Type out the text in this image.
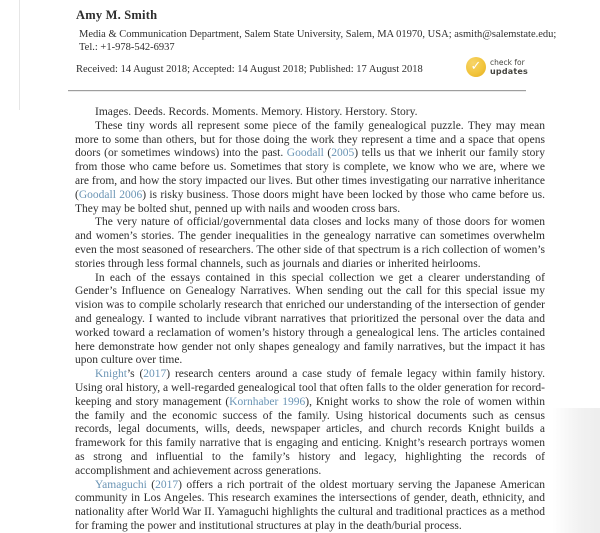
Amy M. Smith
Media & Communication Department, Salem State University, Salem, MA 01970, USA; asmith@salemstate.edu;
Tel.: +1-978-542-6937
Received: 14 August 2018; Accepted: 14 August 2018; Published: 17 August 2018	✓	check for
updates

Images. Deeds. Records. Moments. Memory. History. Herstory. Story.

These tiny words all represent some piece of the family genealogical puzzle. They may mean more to some than others, but for those doing the work they represent a time and a space that opens doors (or sometimes windows) into the past. Goodall (2005) tells us that we inherit our family story from those who came before us. Sometimes that story is complete, we know who we are, where we are from, and how the story impacted our lives. But other times investigating our narrative inheritance (Goodall 2006) is risky business. Those doors might have been locked by those who came before us. They may be bolted shut, penned up with nails and wooden cross bars.

The very nature of official/governmental data closes and locks many of those doors for women and women’s stories. The gender inequalities in the genealogy narrative can sometimes overwhelm even the most seasoned of researchers. The other side of that spectrum is a rich collection of women’s stories through less formal channels, such as journals and diaries or inherited heirlooms.

In each of the essays contained in this special collection we get a clearer understanding of Gender’s Influence on Genealogy Narratives. When sending out the call for this special issue my vision was to compile scholarly research that enriched our understanding of the intersection of gender and genealogy. I wanted to include vibrant narratives that prioritized the personal over the data and worked toward a reclamation of women’s history through a genealogical lens. The articles contained here demonstrate how gender not only shapes genealogy and family narratives, but the impact it has upon culture over time.

Knight’s (2017) research centers around a case study of female legacy within family history. Using oral history, a well-regarded genealogical tool that often falls to the older generation for record-keeping and story management (Kornhaber 1996), Knight works to show the role of women within the family and the economic success of the family. Using historical documents such as census records, legal documents, wills, deeds, newspaper articles, and church records Knight builds a framework for this family narrative that is engaging and enticing. Knight’s research portrays women as strong and influential to the family’s history and legacy, highlighting the records of accomplishment and achievement across generations.

Yamaguchi (2017) offers a rich portrait of the oldest mortuary serving the Japanese American community in Los Angeles. This research examines the intersections of gender, death, ethnicity, and nationality after World War II. Yamaguchi highlights the cultural and traditional practices as a method for framing the power and institutional structures at play in the death/burial process.
